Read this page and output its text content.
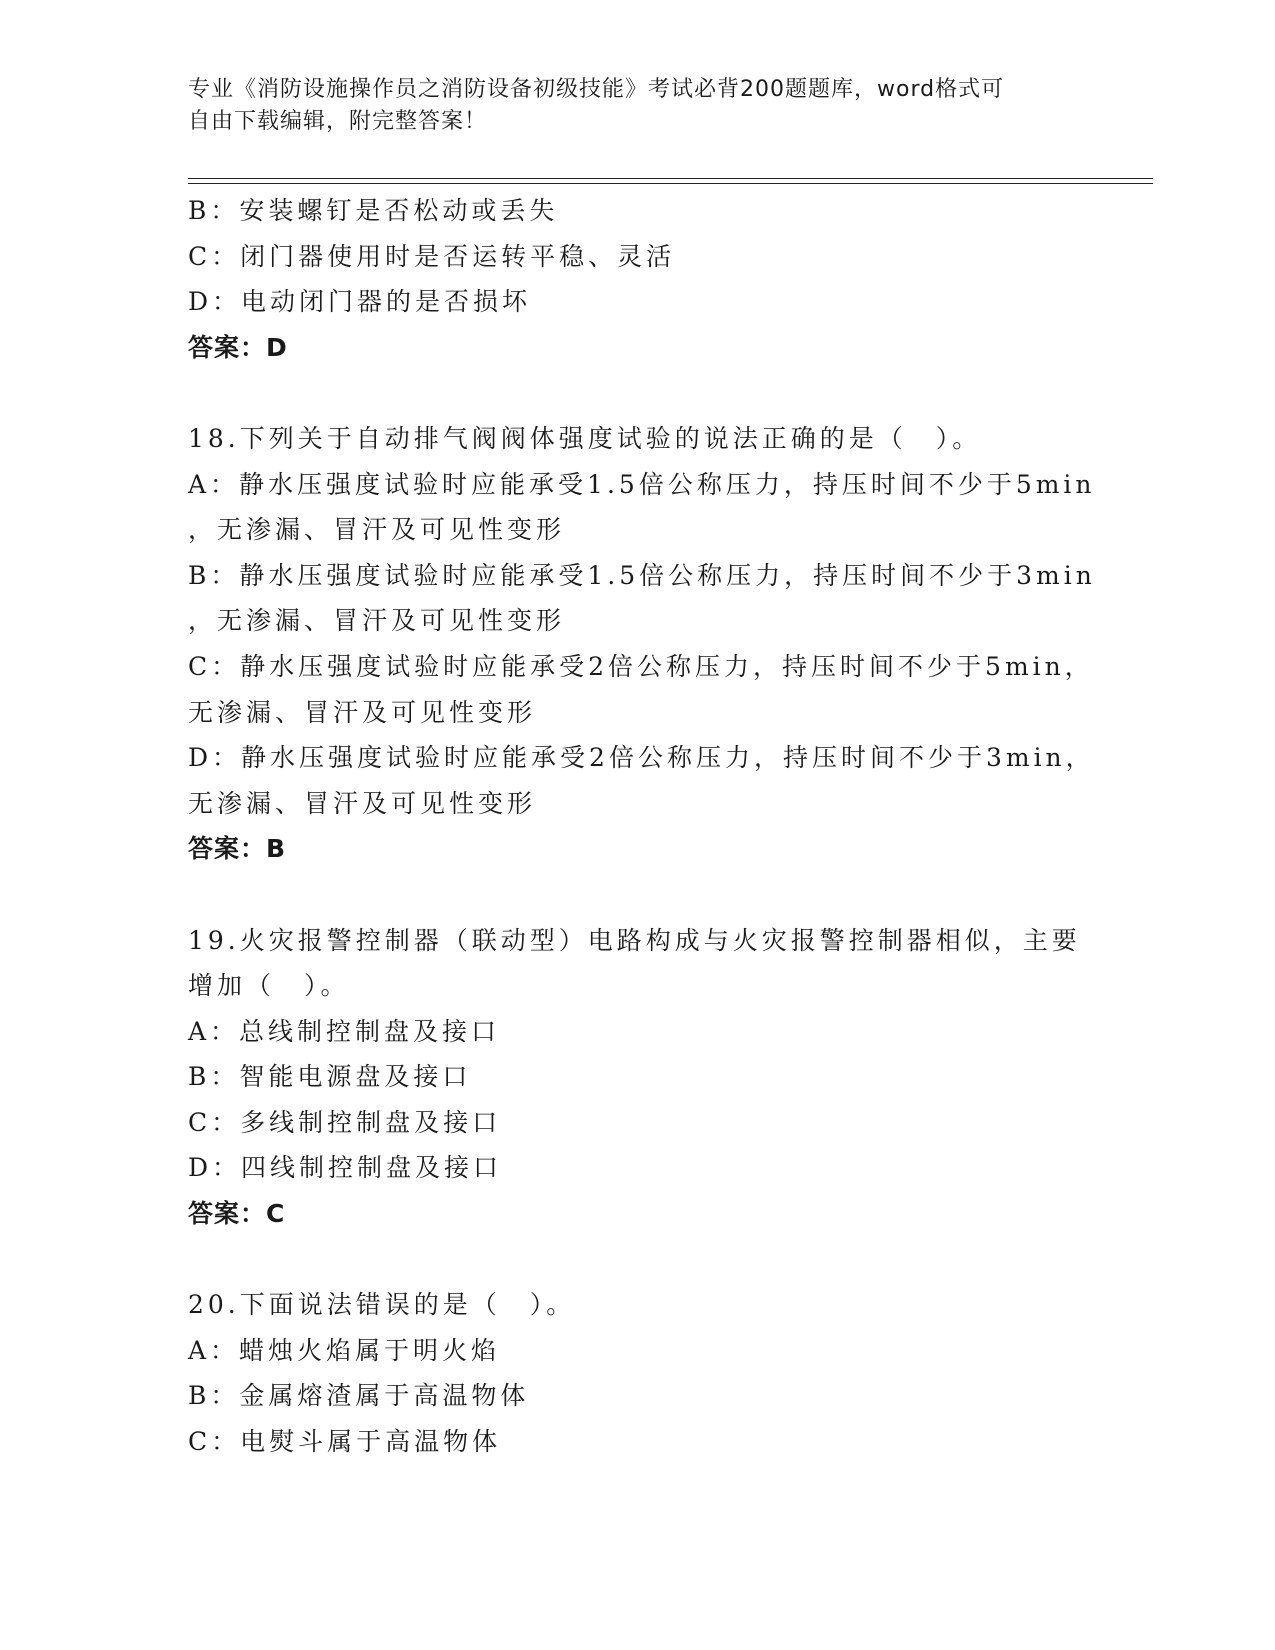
专业《消防设施操作员之消防设备初级技能》考试必背200题题库，word格式可
自由下载编辑，附完整答案！
B：安装螺钉是否松动或丢失
C：闭门器使用时是否运转平稳、灵活
D：电动闭门器的是否损坏
答案：D
18.下列关于自动排气阀阀体强度试验的说法正确的是（　）。
A：静水压强度试验时应能承受1.5倍公称压力，持压时间不少于5min
，无渗漏、冒汗及可见性变形
B：静水压强度试验时应能承受1.5倍公称压力，持压时间不少于3min
，无渗漏、冒汗及可见性变形
C：静水压强度试验时应能承受2倍公称压力，持压时间不少于5min，
无渗漏、冒汗及可见性变形
D：静水压强度试验时应能承受2倍公称压力，持压时间不少于3min，
无渗漏、冒汗及可见性变形
答案：B
19.火灾报警控制器（联动型）电路构成与火灾报警控制器相似，主要
增加（　）。
A：总线制控制盘及接口
B：智能电源盘及接口
C：多线制控制盘及接口
D：四线制控制盘及接口
答案：C
20.下面说法错误的是（　）。
A：蜡烛火焰属于明火焰
B：金属熔渣属于高温物体
C：电熨斗属于高温物体
